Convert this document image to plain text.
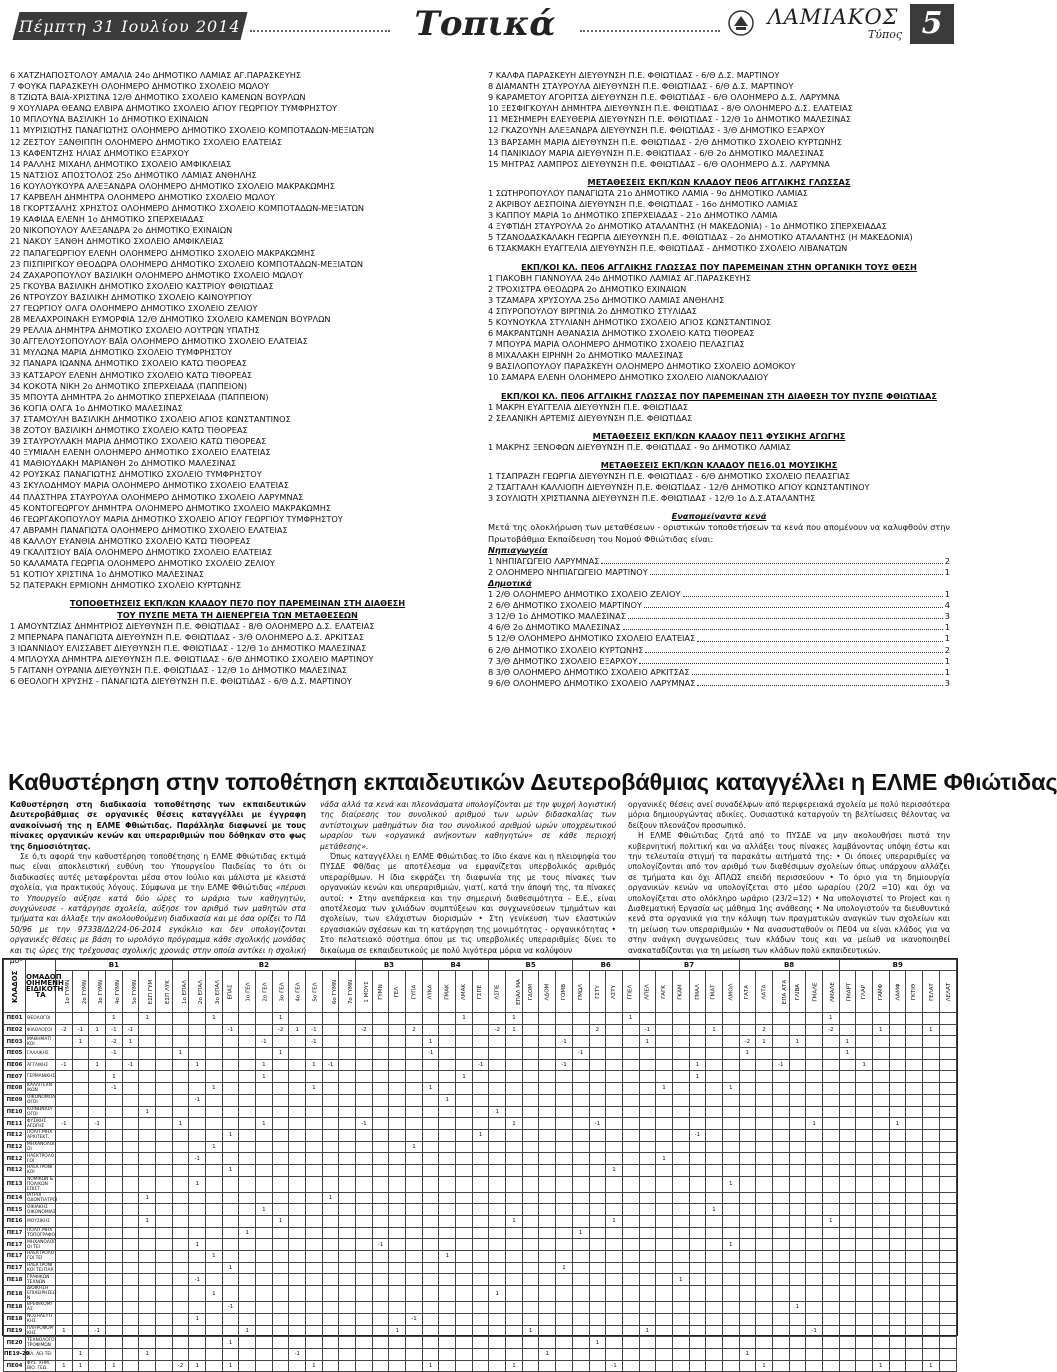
Πέμπτη 31 Ιουλίου 2014	Τοπικά	ΛΑΜΙΑΚΟΣ
Τύπος 5
6 ΧΑΤΖΗΑΠΟΣΤΟΛΟΥ ΑΜΑΛΙΑ 24ο ΔΗΜΟΤΙΚΟ ΛΑΜΙΑΣ ΑΓ.ΠΑΡΑΣΚΕΥΗΣ
7 ΦΟΥΚΑ ΠΑΡΑΣΚΕΥΗ ΟΛΟΗΜΕΡΟ ΔΗΜΟΤΙΚΟ ΣΧΟΛΕΙΟ ΜΩΛΟΥ
8 ΤΖΙΩΤΑ ΒΑΙΑ-ΧΡΙΣΤΙΝΑ 12/Θ ΔΗΜΟΤΙΚΟ ΣΧΟΛΕΙΟ ΚΑΜΕΝΩΝ ΒΟΥΡΛΩΝ
9 ΧΟΥΛΙΑΡΑ ΘΕΑΝΩ ΕΛΒΙΡΑ ΔΗΜΟΤΙΚΟ ΣΧΟΛΕΙΟ ΑΓΙΟΥ ΓΕΩΡΓΙΟΥ ΤΥΜΦΡΗΣΤΟΥ
10 ΜΠΛΟΥΝΑ ΒΑΣΙΛΙΚΗ 1ο ΔΗΜΟΤΙΚΟ ΕΧΙΝΑΙΩΝ
11 ΜΥΡΙΣΙΩΤΗΣ ΠΑΝΑΓΙΩΤΗΣ ΟΛΟΗΜΕΡΟ ΔΗΜΟΤΙΚΟ ΣΧΟΛΕΙΟ ΚΟΜΠΟΤΑΔΩΝ-ΜΕΞΙΑΤΩΝ
12 ΖΕΣΤΟΥ ΞΑΝΘΙΠΠΗ ΟΛΟΗΜΕΡΟ ΔΗΜΟΤΙΚΟ ΣΧΟΛΕΙΟ ΕΛΑΤΕΙΑΣ
13 ΚΑΦΕΝΤΖΗΣ ΗΛΙΑΣ ΔΗΜΟΤΙΚΟ ΕΞΑΡΧΟΥ
14 ΡΑΛΛΗΣ ΜΙΧΑΗΛ ΔΗΜΟΤΙΚΟ ΣΧΟΛΕΙΟ ΑΜΦΙΚΛΕΙΑΣ
15 ΝΑΤΣΙΟΣ ΑΠΟΣΤΟΛΟΣ 25ο ΔΗΜΟΤΙΚΟ ΛΑΜΙΑΣ ΑΝΘΗΛΗΣ
16 ΚΟΥΛΟΥΚΟΥΡΑ ΑΛΕΞΑΝΔΡΑ ΟΛΟΗΜΕΡΟ ΔΗΜΟΤΙΚΟ ΣΧΟΛΕΙΟ ΜΑΚΡΑΚΩΜΗΣ
17 ΚΑΡΒΕΛΗ ΔΗΜΗΤΡΑ ΟΛΟΗΜΕΡΟ ΔΗΜΟΤΙΚΟ ΣΧΟΛΕΙΟ ΜΩΛΟΥ
18 ΓΚΟΡΤΣΑΛΗΣ ΧΡΗΣΤΟΣ ΟΛΟΗΜΕΡΟ ΔΗΜΟΤΙΚΟ ΣΧΟΛΕΙΟ ΚΟΜΠΟΤΑΔΩΝ-ΜΕΞΙΑΤΩΝ
19 ΚΑΦΙΔΑ ΕΛΕΝΗ 1ο ΔΗΜΟΤΙΚΟ ΣΠΕΡΧΕΙΑΔΑΣ
20 ΝΙΚΟΠΟΥΛΟΥ ΑΛΕΞΑΝΔΡΑ 2ο ΔΗΜΟΤΙΚΟ ΕΧΙΝΑΙΩΝ
21 ΝΑΚΟΥ ΞΑΝΘΗ ΔΗΜΟΤΙΚΟ ΣΧΟΛΕΙΟ ΑΜΦΙΚΛΕΙΑΣ
22 ΠΑΠΑΓΕΩΡΓΙΟΥ ΕΛΕΝΗ ΟΛΟΗΜΕΡΟ ΔΗΜΟΤΙΚΟ ΣΧΟΛΕΙΟ ΜΑΚΡΑΚΩΜΗΣ
23 ΠΙΣΠΙΡΙΓΚΟΥ ΘΕΟΔΩΡΑ ΟΛΟΗΜΕΡΟ ΔΗΜΟΤΙΚΟ ΣΧΟΛΕΙΟ ΚΟΜΠΟΤΑΔΩΝ-ΜΕΞΙΑΤΩΝ
24 ΖΑΧΑΡΟΠΟΥΛΟΥ ΒΑΣΙΛΙΚΗ ΟΛΟΗΜΕΡΟ ΔΗΜΟΤΙΚΟ ΣΧΟΛΕΙΟ ΜΩΛΟΥ
25 ΓΚΟΥΒΑ ΒΑΣΙΛΙΚΗ ΔΗΜΟΤΙΚΟ ΣΧΟΛΕΙΟ ΚΑΣΤΡΙΟΥ ΦΘΙΩΤΙΔΑΣ
26 ΝΤΡΟΥΖΟΥ ΒΑΣΙΛΙΚΗ ΔΗΜΟΤΙΚΟ ΣΧΟΛΕΙΟ ΚΑΙΝΟΥΡΓΙΟΥ
27 ΓΕΩΡΓΙΟΥ ΟΛΓΑ ΟΛΟΗΜΕΡΟ ΔΗΜΟΤΙΚΟ ΣΧΟΛΕΙΟ ΖΕΛΙΟΥ
28 ΜΕΛΑΧΡΟΙΝΑΚΗ ΕΥΜΟΡΦΙΑ 12/Θ ΔΗΜΟΤΙΚΟ ΣΧΟΛΕΙΟ ΚΑΜΕΝΩΝ ΒΟΥΡΛΩΝ
29 ΡΕΛΛΙΑ ΔΗΜΗΤΡΑ ΔΗΜΟΤΙΚΟ ΣΧΟΛΕΙΟ ΛΟΥΤΡΩΝ ΥΠΑΤΗΣ
30 ΑΓΓΕΛΟΥΣΟΠΟΥΛΟΥ ΒΑΪΑ ΟΛΟΗΜΕΡΟ ΔΗΜΟΤΙΚΟ ΣΧΟΛΕΙΟ ΕΛΑΤΕΙΑΣ
31 ΜΥΛΩΝΑ ΜΑΡΙΑ ΔΗΜΟΤΙΚΟ ΣΧΟΛΕΙΟ ΤΥΜΦΡΗΣΤΟΥ
32 ΠΑΝΑΡΑ ΙΩΑΝΝΑ ΔΗΜΟΤΙΚΟ ΣΧΟΛΕΙΟ ΚΑΤΩ ΤΙΘΟΡΕΑΣ
33 ΚΑΤΣΑΡΟΥ ΕΛΕΝΗ ΔΗΜΟΤΙΚΟ ΣΧΟΛΕΙΟ ΚΑΤΩ ΤΙΘΟΡΕΑΣ
34 ΚΟΚΟΤΑ ΝΙΚΗ 2ο ΔΗΜΟΤΙΚΟ ΣΠΕΡΧΕΙΑΔΑ (ΠΑΠΠΕΙΟΝ)
35 ΜΠΟΥΤΑ ΔΗΜΗΤΡΑ 2ο ΔΗΜΟΤΙΚΟ ΣΠΕΡΧΕΙΑΔΑ (ΠΑΠΠΕΙΟΝ)
36 ΚΟΓΙΑ ΟΛΓΑ 1ο ΔΗΜΟΤΙΚΟ ΜΑΛΕΣΙΝΑΣ
37 ΣΤΑΜΟΥΛΗ ΒΑΣΙΛΙΚΗ ΔΗΜΟΤΙΚΟ ΣΧΟΛΕΙΟ ΑΓΙΟΣ ΚΩΝΣΤΑΝΤΙΝΟΣ
38 ΖΟΤΟΥ ΒΑΣΙΛΙΚΗ ΔΗΜΟΤΙΚΟ ΣΧΟΛΕΙΟ ΚΑΤΩ ΤΙΘΟΡΕΑΣ
39 ΣΤΑΥΡΟΥΛΑΚΗ ΜΑΡΙΑ ΔΗΜΟΤΙΚΟ ΣΧΟΛΕΙΟ ΚΑΤΩ ΤΙΘΟΡΕΑΣ
40 ΞΥΜΙΑΛΗ ΕΛΕΝΗ ΟΛΟΗΜΕΡΟ ΔΗΜΟΤΙΚΟ ΣΧΟΛΕΙΟ ΕΛΑΤΕΙΑΣ
41 ΜΑΘΙΟΥΔΑΚΗ ΜΑΡΙΑΝΘΗ 2ο ΔΗΜΟΤΙΚΟ ΜΑΛΕΣΙΝΑΣ
42 ΡΟΥΣΚΑΣ ΠΑΝΑΓΙΩΤΗΣ ΔΗΜΟΤΙΚΟ ΣΧΟΛΕΙΟ ΤΥΜΦΡΗΣΤΟΥ
43 ΣΚΥΛΟΔΗΜΟΥ ΜΑΡΙΑ ΟΛΟΗΜΕΡΟ ΔΗΜΟΤΙΚΟ ΣΧΟΛΕΙΟ ΕΛΑΤΕΙΑΣ
44 ΠΛΑΣΤΗΡΑ ΣΤΑΥΡΟΥΛΑ ΟΛΟΗΜΕΡΟ ΔΗΜΟΤΙΚΟ ΣΧΟΛΕΙΟ ΛΑΡΥΜΝΑΣ
45 ΚΟΝΤΟΓΕΩΡΓΟΥ ΔΗΜΗΤΡΑ ΟΛΟΗΜΕΡΟ ΔΗΜΟΤΙΚΟ ΣΧΟΛΕΙΟ ΜΑΚΡΑΚΩΜΗΣ
46 ΓΕΩΡΓΑΚΟΠΟΥΛΟΥ ΜΑΡΙΑ ΔΗΜΟΤΙΚΟ ΣΧΟΛΕΙΟ ΑΓΙΟΥ ΓΕΩΡΓΙΟΥ ΤΥΜΦΡΗΣΤΟΥ
47 ΑΒΡΑΜΗ ΠΑΝΑΓΙΩΤΑ ΟΛΟΗΜΕΡΟ ΔΗΜΟΤΙΚΟ ΣΧΟΛΕΙΟ ΕΛΑΤΕΙΑΣ
48 ΚΑΛΛΟΥ ΕΥΑΝΘΙΑ ΔΗΜΟΤΙΚΟ ΣΧΟΛΕΙΟ ΚΑΤΩ ΤΙΘΟΡΕΑΣ
49 ΓΚΑΛΙΤΣΙΟΥ ΒΑΪΑ ΟΛΟΗΜΕΡΟ ΔΗΜΟΤΙΚΟ ΣΧΟΛΕΙΟ ΕΛΑΤΕΙΑΣ
50 ΚΑΛΑΜΑΤΑ ΓΕΩΡΓΙΑ ΟΛΟΗΜΕΡΟ ΔΗΜΟΤΙΚΟ ΣΧΟΛΕΙΟ ΖΕΛΙΟΥ
51 ΚΟΤΙΟΥ ΧΡΙΣΤΙΝΑ 1ο ΔΗΜΟΤΙΚΟ ΜΑΛΕΣΙΝΑΣ
52 ΠΑΤΕΡΑΚΗ ΕΡΜΙΟΝΗ ΔΗΜΟΤΙΚΟ ΣΧΟΛΕΙΟ ΚΥΡΤΩΝΗΣ
ΤΟΠΟΘΕΤΗΣΕΙΣ ΕΚΠ/ΚΩΝ ΚΛΑΔΟΥ ΠΕ70 ΠΟΥ ΠΑΡΕΜΕΙΝΑΝ ΣΤΗ ΔΙΑΘΕΣΗ
ΤΟΥ ΠΥΣΠΕ ΜΕΤΑ ΤΗ ΔΙΕΝΕΡΓΕΙΑ ΤΩΝ ΜΕΤΑΘΕΣΕΩΝ
1 ΑΜΟΥΝΤΖΙΑΣ ΔΗΜΗΤΡΙΟΣ ΔΙΕΥΘΥΝΣΗ Π.Ε. ΦΘΙΩΤΙΔΑΣ - 8/Θ ΟΛΟΗΜΕΡΟ Δ.Σ. ΕΛΑΤΕΙΑΣ
2 ΜΠΕΡΝΑΡΑ ΠΑΝΑΓΙΩΤΑ ΔΙΕΥΘΥΝΣΗ Π.Ε. ΦΘΙΩΤΙΔΑΣ - 3/Θ ΟΛΟΗΜΕΡΟ Δ.Σ. ΑΡΚΙΤΣΑΣ
3 ΙΩΑΝΝΙΔΟΥ ΕΛΙΣΣΑΒΕΤ ΔΙΕΥΘΥΝΣΗ Π.Ε. ΦΘΙΩΤΙΔΑΣ - 12/Θ 1ο ΔΗΜΟΤΙΚΟ ΜΑΛΕΣΙΝΑΣ
4 ΜΠΛΟΥΧΑ ΔΗΜΗΤΡΑ ΔΙΕΥΘΥΝΣΗ Π.Ε. ΦΘΙΩΤΙΔΑΣ - 6/Θ ΔΗΜΟΤΙΚΟ ΣΧΟΛΕΙΟ ΜΑΡΤΙΝΟΥ
5 ΓΑΙΤΑΝΗ ΟΥΡΑΝΙΑ ΔΙΕΥΘΥΝΣΗ Π.Ε. ΦΘΙΩΤΙΔΑΣ - 12/Θ 1ο ΔΗΜΟΤΙΚΟ ΜΑΛΕΣΙΝΑΣ
6 ΘΕΟΛΟΓΗ ΧΡΥΣΗΣ - ΠΑΝΑΓΙΩΤΑ ΔΙΕΥΘΥΝΣΗ Π.Ε. ΦΘΙΩΤΙΔΑΣ - 6/Θ Δ.Σ. ΜΑΡΤΙΝΟΥ
7 ΚΑΛΦΑ ΠΑΡΑΣΚΕΥΗ ΔΙΕΥΘΥΝΣΗ Π.Ε. ΦΘΙΩΤΙΔΑΣ - 6/Θ Δ.Σ. ΜΑΡΤΙΝΟΥ
8 ΔΙΑΜΑΝΤΗ ΣΤΑΥΡΟΥΛΑ ΔΙΕΥΘΥΝΣΗ Π.Ε. ΦΘΙΩΤΙΔΑΣ - 6/Θ Δ.Σ. ΜΑΡΤΙΝΟΥ
9 ΚΑΡΑΜΕΤΟΥ ΑΓΟΡΙΤΣΑ ΔΙΕΥΘΥΝΣΗ Π.Ε. ΦΘΙΩΤΙΔΑΣ - 6/Θ ΟΛΟΗΜΕΡΟ Δ.Σ. ΛΑΡΥΜΝΑ
10 ΞΕΣΦΙΓΚΟΥΛΗ ΔΗΜΗΤΡΑ ΔΙΕΥΘΥΝΣΗ Π.Ε. ΦΘΙΩΤΙΔΑΣ - 8/Θ ΟΛΟΗΜΕΡΟ Δ.Σ. ΕΛΑΤΕΙΑΣ
11 ΜΕΣΗΜΕΡΗ ΕΛΕΥΘΕΡΙΑ ΔΙΕΥΘΥΝΣΗ Π.Ε. ΦΘΙΩΤΙΔΑΣ - 12/Θ 1ο ΔΗΜΟΤΙΚΟ ΜΑΛΕΣΙΝΑΣ
12 ΓΚΑΖΟΥΝΗ ΑΛΕΞΑΝΔΡΑ ΔΙΕΥΘΥΝΣΗ Π.Ε. ΦΘΙΩΤΙΔΑΣ - 3/Θ ΔΗΜΟΤΙΚΟ ΕΞΑΡΧΟΥ
13 ΒΑΡΣΑΜΗ ΜΑΡΙΑ ΔΙΕΥΘΥΝΣΗ Π.Ε. ΦΘΙΩΤΙΔΑΣ - 2/Θ ΔΗΜΟΤΙΚΟ ΣΧΟΛΕΙΟ ΚΥΡΤΩΝΗΣ
14 ΠΑΝΙΚΙΔΟΥ ΜΑΡΙΑ ΔΙΕΥΘΥΝΣΗ Π.Ε. ΦΘΙΩΤΙΔΑΣ - 6/Θ 2ο ΔΗΜΟΤΙΚΟ ΜΑΛΕΣΙΝΑΣ
15 ΜΗΤΡΑΣ ΛΑΜΠΡΟΣ ΔΙΕΥΘΥΝΣΗ Π.Ε. ΦΘΙΩΤΙΔΑΣ - 6/Θ ΟΛΟΗΜΕΡΟ Δ.Σ. ΛΑΡΥΜΝΑ
ΜΕΤΑΘΕΣΕΙΣ ΕΚΠ/ΚΩΝ ΚΛΑΔΟΥ ΠΕ06 ΑΓΓΛΙΚΗΣ ΓΛΩΣΣΑΣ
1 ΣΩΤΗΡΟΠΟΥΛΟΥ ΠΑΝΑΓΙΩΤΑ 21ο ΔΗΜΟΤΙΚΟ ΛΑΜΙΑ - 9ο ΔΗΜΟΤΙΚΟ ΛΑΜΙΑΣ
2 ΑΚΡΙΒΟΥ ΔΕΣΠΟΙΝΑ ΔΙΕΥΘΥΝΣΗ Π.Ε. ΦΘΙΩΤΙΔΑΣ - 16ο ΔΗΜΟΤΙΚΟ ΛΑΜΙΑΣ
3 ΚΑΠΠΟΥ ΜΑΡΙΑ 1ο ΔΗΜΟΤΙΚΟ ΣΠΕΡΧΕΙΑΔΑΣ - 21ο ΔΗΜΟΤΙΚΟ ΛΑΜΙΑ
4 ΞΥΦΤΙΔΗ ΣΤΑΥΡΟΥΛΑ 2ο ΔΗΜΟΤΙΚΟ ΑΤΑΛΑΝΤΗΣ (Η ΜΑΚΕΔΟΝΙΑ) - 1ο ΔΗΜΟΤΙΚΟ ΣΠΕΡΧΕΙΑΔΑΣ
5 ΤΖΑΝΟΔΑΣΚΑΛΑΚΗ ΓΕΩΡΓΙΑ ΔΙΕΥΘΥΝΣΗ Π.Ε. ΦΘΙΩΤΙΔΑΣ - 2ο ΔΗΜΟΤΙΚΟ ΑΤΑΛΑΝΤΗΣ (Η ΜΑΚΕΔΟΝΙΑ)
6 ΤΣΑΚΜΑΚΗ ΕΥΑΓΓΕΛΙΑ ΔΙΕΥΘΥΝΣΗ Π.Ε. ΦΘΙΩΤΙΔΑΣ - ΔΗΜΟΤΙΚΟ ΣΧΟΛΕΙΟ ΛΙΒΑΝΑΤΩΝ
ΕΚΠ/ΚΟΙ ΚΛ. ΠΕ06 ΑΓΓΛΙΚΗΣ ΓΛΩΣΣΑΣ ΠΟΥ ΠΑΡΕΜΕΙΝΑΝ ΣΤΗΝ ΟΡΓΑΝΙΚΗ ΤΟΥΣ ΘΕΣΗ
1 ΓΙΑΚΟΒΗ ΓΙΑΝΝΟΥΛΑ 24ο ΔΗΜΟΤΙΚΟ ΛΑΜΙΑΣ ΑΓ.ΠΑΡΑΣΚΕΥΗΣ
2 ΤΡΟΧΙΣΤΡΑ ΘΕΟΔΩΡΑ 2ο ΔΗΜΟΤΙΚΟ ΕΧΙΝΑΙΩΝ
3 ΤΖΑΜΑΡΑ ΧΡΥΣΟΥΛΑ 25ο ΔΗΜΟΤΙΚΟ ΛΑΜΙΑΣ ΑΝΘΗΛΗΣ
4 ΣΠΥΡΟΠΟΥΛΟΥ ΒΙΡΓΙΝΙΑ 2ο ΔΗΜΟΤΙΚΟ ΣΤΥΛΙΔΑΣ
5 ΚΟΥΝΟΥΚΛΑ ΣΤΥΛΙΑΝΗ ΔΗΜΟΤΙΚΟ ΣΧΟΛΕΙΟ ΑΓΙΟΣ ΚΩΝΣΤΑΝΤΙΝΟΣ
6 ΜΑΚΡΑΝΤΩΝΗ ΑΘΑΝΑΣΙΑ ΔΗΜΟΤΙΚΟ ΣΧΟΛΕΙΟ ΚΑΤΩ ΤΙΘΟΡΕΑΣ
7 ΜΠΟΥΡΑ ΜΑΡΙΑ ΟΛΟΗΜΕΡΟ ΔΗΜΟΤΙΚΟ ΣΧΟΛΕΙΟ ΠΕΛΑΣΓΙΑΣ
8 ΜΙΧΑΛΑΚΗ ΕΙΡΗΝΗ 2ο ΔΗΜΟΤΙΚΟ ΜΑΛΕΣΙΝΑΣ
9 ΒΑΣΙΛΟΠΟΥΛΟΥ ΠΑΡΑΣΚΕΥΗ ΟΛΟΗΜΕΡΟ ΔΗΜΟΤΙΚΟ ΣΧΟΛΕΙΟ ΔΟΜΟΚΟΥ
10 ΣΑΜΑΡΑ ΕΛΕΝΗ ΟΛΟΗΜΕΡΟ ΔΗΜΟΤΙΚΟ ΣΧΟΛΕΙΟ ΛΙΑΝΟΚΛΑΔΙΟΥ
ΕΚΠ/ΚΟΙ ΚΛ. ΠΕ06 ΑΓΓΛΙΚΗΣ ΓΛΩΣΣΑΣ ΠΟΥ ΠΑΡΕΜΕΙΝΑΝ ΣΤΗ ΔΙΑΘΕΣΗ ΤΟΥ ΠΥΣΠΕ ΦΘΙΩΤΙΔΑΣ
1 ΜΑΚΡΗ ΕΥΑΓΓΕΛΙΑ ΔΙΕΥΘΥΝΣΗ Π.Ε. ΦΘΙΩΤΙΔΑΣ
2 ΣΕΛΑΝΙΚΗ ΑΡΤΕΜΙΣ ΔΙΕΥΘΥΝΣΗ Π.Ε. ΦΘΙΩΤΙΔΑΣ
ΜΕΤΑΘΕΣΕΙΣ ΕΚΠ/ΚΩΝ ΚΛΑΔΟΥ ΠΕ11 ΦΥΣΙΚΗΣ ΑΓΩΓΗΣ
1 ΜΑΚΡΗΣ ΞΕΝΟΦΩΝ ΔΙΕΥΘΥΝΣΗ Π.Ε. ΦΘΙΩΤΙΔΑΣ - 9ο ΔΗΜΟΤΙΚΟ ΛΑΜΙΑΣ
ΜΕΤΑΘΕΣΕΙΣ ΕΚΠ/ΚΩΝ ΚΛΑΔΟΥ ΠΕ16.01 ΜΟΥΣΙΚΗΣ
1 ΤΣΑΠΡΑΖΗ ΓΕΩΡΓΙΑ ΔΙΕΥΘΥΝΣΗ Π.Ε. ΦΘΙΩΤΙΔΑΣ - 6/Θ ΔΗΜΟΤΙΚΟ ΣΧΟΛΕΙΟ ΠΕΛΑΣΓΙΑΣ
2 ΤΣΑΓΓΑΛΗ ΚΑΛΛΙΟΠΗ ΔΙΕΥΘΥΝΣΗ Π.Ε. ΦΘΙΩΤΙΔΑΣ - 12/Θ ΔΗΜΟΤΙΚΟ ΑΓΙΟΥ ΚΩΝΣΤΑΝΤΙΝΟΥ
3 ΣΟΥΛΙΩΤΗ ΧΡΙΣΤΙΑΝΝΑ ΔΙΕΥΘΥΝΣΗ Π.Ε. ΦΘΙΩΤΙΔΑΣ - 12/Θ 1ο Δ.Σ.ΑΤΑΛΑΝΤΗΣ
Εναπομείναντα κενά
Μετά της ολοκλήρωση των μεταθέσεων - οριστικών τοποθετήσεων τα κενά που απομένουν να καλυφθούν στην Πρωτοβάθμια Εκπαίδευση του Νομού Φθιώτιδας είναι:
Νηπιαγωγεία
1 ΝΗΠΙΑΓΩΓΕΙΟ ΛΑΡΥΜΝΑΣ	2
2 ΟΛΟΗΜΕΡΟ ΝΗΠΙΑΓΩΓΕΙΟ ΜΑΡΤΙΝΟΥ	1
Δημοτικά
1 2/Θ ΟΛΟΗΜΕΡΟ ΔΗΜΟΤΙΚΟ ΣΧΟΛΕΙΟ ΖΕΛΙΟΥ	1
2 6/Θ ΔΗΜΟΤΙΚΟ ΣΧΟΛΕΙΟ ΜΑΡΤΙΝΟΥ	4
3 12/Θ 1ο ΔΗΜΟΤΙΚΟ ΜΑΛΕΣΙΝΑΣ	3
4 6/Θ 2ο ΔΗΜΟΤΙΚΟ ΜΑΛΕΣΙΝΑΣ	1
5 12/Θ ΟΛΟΗΜΕΡΟ ΔΗΜΟΤΙΚΟ ΣΧΟΛΕΙΟ ΕΛΑΤΕΙΑΣ	1
6 2/Θ ΔΗΜΟΤΙΚΟ ΣΧΟΛΕΙΟ ΚΥΡΤΩΝΗΣ	2
7 3/Θ ΔΗΜΟΤΙΚΟ ΣΧΟΛΕΙΟ ΕΞΑΡΧΟΥ	1
8 3/Θ ΟΛΟΗΜΕΡΟ ΔΗΜΟΤΙΚΟ ΣΧΟΛΕΙΟ ΑΡΚΙΤΣΑΣ	1
9 6/Θ ΟΛΟΗΜΕΡΟ ΔΗΜΟΤΙΚΟ ΣΧΟΛΕΙΟ ΛΑΡΥΜΝΑΣ	3
Καθυστέρηση στην τοποθέτηση εκπαιδευτικών Δευτεροβάθμιας καταγγέλλει η ΕΛΜΕ Φθιώτιδας

Καθυστέρηση στη διαδικασία τοποθέτησης των εκπαιδευτικών Δευτεροβάθμιας σε οργανικές θέσεις καταγγέλλει με έγγραφη ανακοίνωσή της η ΕΛΜΕ Φθιώτιδας. Παράλληλα διαφωνεί με τους πίνακες οργανικών κενών και υπεραριθμιών που δόθηκαν στο φως της δημοσιότητας.

Σε ό,τι αφορά την καθυστέρηση τοποθέτησης η ΕΛΜΕ Φθιώτιδας εκτιμά πως είναι αποκλειστική ευθύνη του Υπουργείου Παιδείας το ότι οι διαδικασίες αυτές μεταφέρονται μέσα στον Ιούλιο και μάλιστα με κλειστά σχολεία, για πρακτικούς λόγους. Σύμφωνα με την ΕΛΜΕ Φθιώτιδας «πέρυσι το Υπουργείο αύξησε κατά δύο ώρες το ωράριο των καθηγητών, συγχώνευσε - κατάργησε σχολεία, αύξησε τον αριθμό των μαθητών στα τμήματα και άλλαξε την ακολουθούμενη διαδικασία και με όσα ορίζει το ΠΔ 50/96 με την 97338/Δ2/24-06-2014 εγκύκλιο και δεν υπολογίζονται οργανικές θέσεις με βάση το ωρολόγιο πρόγραμμα κάθε σχολικής μονάδας και τις ώρες της τρέχουσας σχολικής χρονιάς στην οποία αντίκει η σχολική μο-

νάδα αλλά τα κενά και πλεονάσματα υπολογίζονται με την ψυχρή λογιστική της διαίρεσης του συνολικού αριθμού των ωρών διδασκαλίας των αντίστοιχων μαθημάτων δια του συνολικού αριθμού ωρών υποχρεωτικού ωραρίου των «οργανικά ανήκοντων καθηγητών» σε κάθε περιοχή μετάθεσης».

Όπως καταγγέλλει η ΕΛΜΕ Φθιώτιδας το ίδιο έκανε και η πλειοψηφία του ΠΥΣΔΕ Φθ/δας με αποτέλεσμα να εμφανίζεται υπερβολικός αριθμός υπεραρίθμων. Η ίδια εκφράζει τη διαφωνία της με τους πίνακες των οργανικών κενών και υπεραριθμιών, γιατί, κατά την άποψή της, τα πίνακες αυτοί: • Στην ανεπάρκεια και την σημερινή διαθεσιμότητα - Ε.Ε., είναι αποτέλεσμα των χιλιάδων συμπτύξεων και συγχωνεύσεων τμημάτων και σχολείων, των ελάχιστων διορισμών • Στη γενίκευση των ελαστικών εργασιακών σχέσεων και τη κατάργηση της μονιμότητας - οργανικότητας • Στο πελατειακό σύστημα όπου με τις υπερβολικές υπεραριθμίες δίνει το δικαίωμα σε εκπαιδευτικούς με πολύ λιγότερα μόρια να καλύψουν

οργανικές θέσεις ανεί συναδέλφων από περιφερειακά σχολεία με πολύ περισσότερα μόρια δημιουργώντας αδικίες. Ουσιαστικά καταργούν τη βελτίωσεις θέλοντας να δείξουν πλεονάζον προσωπικό.

Η ΕΛΜΕ Φθιώτιδας ζητά από το ΠΥΣΔΕ να μην ακολουθήσει πιστά την κυβερνητική πολιτική και να αλλάξει τους πίνακες λαμβάνοντας υπόψη έστω και την τελευταία στιγμή τα παρακάτω αιτήματά της: • Οι όποιες υπεραριθμίες να υπολογίζονται από τον αριθμό των διαθέσιμων σχολείων όπως υπάρχουν αλλάζει σε τμήματα και όχι ΑΠΛΩΣ επειδή περισσεύουν • Το όριο για τη δημιουργία οργανικών κενών να υπολογίζεται στο μέσο ωραρίου (20/2 =10) και όχι να υπολογίζεται στο ολόκληρο ωράριο (23/2=12) • Να υπολογιστεί το Project και η Διαθεματική Εργασία ως μάθημα 1ης ανάθεσης • Να υπολογιστούν τα διευθυντικά κενά στα οργανικά για την κάλυψη των πραγματικών αναγκών των σχολείων και τη μείωση των υπεραριθμιών • Να ανασυσταθούν οι ΠΕ04 να είναι κλάδος για να στην ανάγκη συγχωνεύσεις των κλάδων τους και να μείωθ να ικανοποιηθεί ανακαταδίζονται για τη μείωση των κλάδων πολύ εκπαιδευτικών.

ΚΛΑΔΟΣ	ΟΜΑΔΟΠ ΟΙΗΜΕΝΗ ΕΙΔΙΚΟΤΗ ΤΑ	B1							B2											B3				B4				B5					B6				B7						B8						B9						
		1ο ΓΥΜΝ	2ο ΓΥΜΝ	3ο ΓΥΜΝ	4ο ΓΥΜΝ	5ο ΓΥΜΝ	ΕΣΠ ΓΥΜ	ΕΣΠ ΛΥΚ	1ο ΕΠΑΛ	2ο ΕΠΑΛ	3ο ΕΠΑΛ	ΕΠΑΣ	1ο ΓΕΛ	2ο ΓΕΛ	3ο ΓΕΛ	4ο ΓΕΛ	5ο ΓΕΛ	6ο ΓΥΜΝ	7ο ΓΥΜΝ	1 ΜΟΥΣ	ΓΥΜΝ	ΓΕΛ	ΓΥΠΑ	ΛΥΚΑ	ΓΜΑΚ	ΛΜΑΚ	ΓΣΠΕ	ΛΣΠΕ	ΕΠΑΛ ΜΑ	ΓΔΟΜ	ΛΔΟΜ	ΓΟΜΒ	ΓΜΩΛ	ΓΣΤΥ	ΛΣΤΥ	ΓΠΕΛ	ΛΠΕΛ	ΓΑΓΚ	ΓΚΑΜ	ΓΜΑΛ	ΓΜΑΤ	ΛΜΟΛ	ΓΑΤΑ	ΛΑΤΑ	ΕΠΑ ΑΤΑ	ΓΛΙΒΑ	ΓΜΑΛΕ	ΛΜΑΛΕ	ΓΜΑΡΤ	ΓΛΑΡ	ΓΑΜΦ	ΛΑΜΦ	ΓΚΤΙΘ	ΓΕΛΑΤ	ΛΕΛΑΤ
ΠΕ01	ΘΕΟΛΟΓΟΙ				1		1				1				1											1			1							1												1							
ΠΕ02	ΦΙΛΟΛΟΓΟΙ	-2	-1	1	-1	-1						-1			-2	1	-1			-2			2					-2	1					2			-1				1			2				-2			1			1	
ΠΕ03	ΜΑΘΗΜΑΤΙ ΚΟΙ		1		-2	1								-1			-1							1								-1					1						-2	1		1			1						
ΠΕ05	ΓΑΛΛΙΚΗΣ				-1				1						1									-1									-1										1						1						
ΠΕ06	ΑΓΓΛΙΚΗΣ	-1		1		-1				1				1			1	-1									-1					-1								1					-1					1					
ΠΕ07	ΓΕΡΜΑΝΙΚΗΣ				1									1												1														1															
ΠΕ08	ΚΑΛΛΙΤΕΧΝ ΙΚΩΝ				-1						1						1							1														1				1													
ΠΕ09	ΟΙΚΟΝΟΜΟΛ ΟΓΟΙ									-1															1																														
ΠΕ10	ΚΟΙΝΩΝΙΟΛ ΟΓΟΙ						1																					1																											
ΠΕ11	ΦΥΣΙΚΗΣ ΑΓΩΓΗΣ	-1		-1					1					1						-1									1					-1													1					1			
ΠΕ12	ΠΟΛΙΤ.ΜΗΧ ΑΡΧΙΤΕΚΤ.											1															1													-1															
ΠΕ12	ΜΗΧΑΝΟΛΟΓ ΟΙ										1												1																																
ΠΕ12	ΗΛΕΚΤΡΟΛΟ ΓΟΙ									-1																												1																	
ΠΕ12	ΗΛΕΚΤΡΟΝΙ ΚΟΙ											1																							1																				
ΠΕ13	ΝΟΜΙΚΩΝ & ΠΟΛ/ΚΩΝ ΕΠΙΣΤ.									1																																1													
ΠΕ14	ΙΑΤΡΟΙ ΟΔΟΝΤΙΑΤΡΟΙ						1											1																																					
ΠΕ15	ΟΙΚΙΑΚΗΣ ΟΙΚΟΝΟΜΙΑΣ													1																											1														
ΠΕ16	ΜΟΥΣΙΚΗΣ						1								1														1						1													1							
ΠΕ17	ΠΟΛΙΤ.ΜΗΧ ΤΟΠΟΓΡΑΦΟΙ												1																				1																						
ΠΕ17	ΜΗΧΑΝΟΛΟΓ ΟΙ ΤΕΙ									1											-1																					1													
ΠΕ17	ΗΛΕΚΤΡΟΛΟ ΓΟΙ ΤΕΙ										1														1																														
ΠΕ17	ΗΛΕΚΤΡΟΝΙ ΚΟΙ ΤΕΙ ΠΑΡ.											1																				1																							
ΠΕ18	ΓΡΑΦΙΚΩΝ ΤΕΧΝΩΝ									-1																													1																
ΠΕ18	ΔΙΟΙΚΗΣΗ ΕΠΙΧΕΙΡΗΣΕΩ Ν										1																	1																											
ΠΕ18	ΒΡΕΦ/ΚΟΜΙ ΑΣ											-1																																		1									
ΠΕ18	ΝΟΣΗΛΕΥΤΙ ΚΗΣ									1													-1																																
ΠΕ19	ΠΛΗΡΟΦΟΡΙ ΚΗΣ	1		-1									1									1								1							1										-1								
ΠΕ20	ΤΕΧΝΟΛΟΓΟΙ ΤΡΟΦΙΜΩΝ											1																						1																					
ΠΕ19-20	ΠΛ. ΑΕΙ-ΤΕΙ		1				1									-1															1												1												
ΠΕ04	ΦΥΣ. ΧΗΜ. ΒΙΟ. ΓΕΩ.	1	1		1				-2	1		1					1							1					1						-1									1							1			1	
